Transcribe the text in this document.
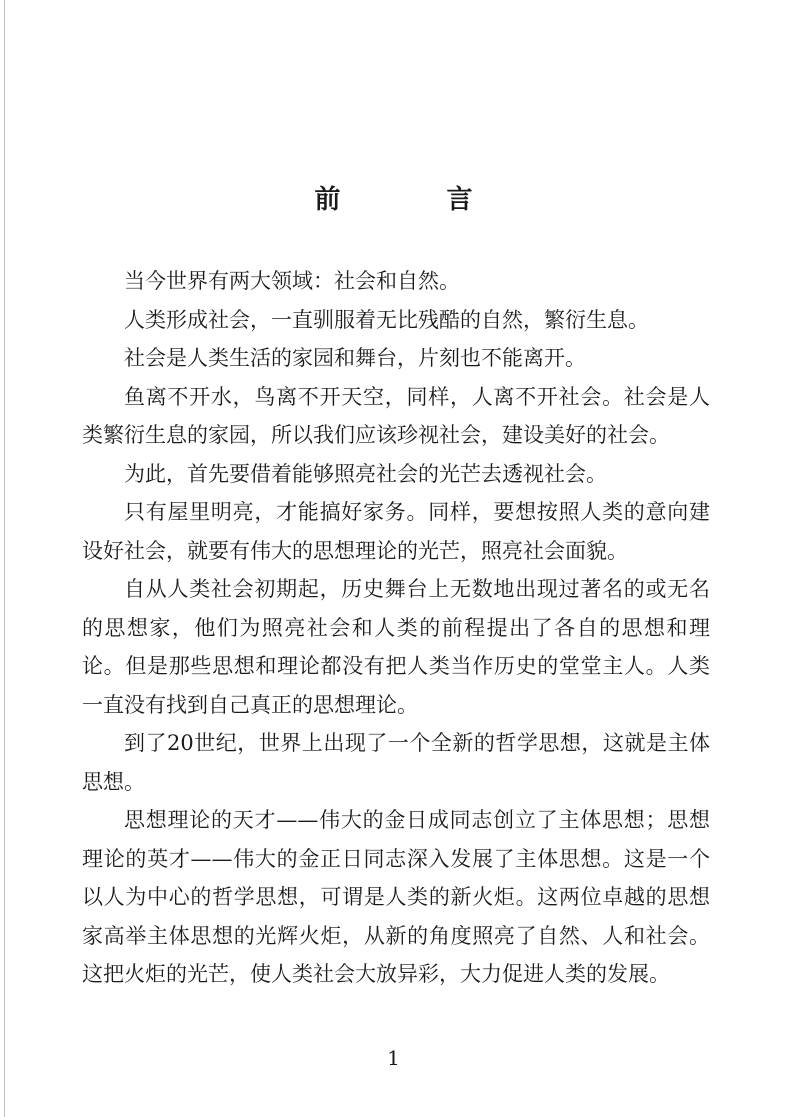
前　言

当今世界有两大领域：社会和自然。

人类形成社会，一直驯服着无比残酷的自然，繁衍生息。

社会是人类生活的家园和舞台，片刻也不能离开。

鱼离不开水，鸟离不开天空，同样，人离不开社会。社会是人类繁衍生息的家园，所以我们应该珍视社会，建设美好的社会。

为此，首先要借着能够照亮社会的光芒去透视社会。

只有屋里明亮，才能搞好家务。同样，要想按照人类的意向建设好社会，就要有伟大的思想理论的光芒，照亮社会面貌。

自从人类社会初期起，历史舞台上无数地出现过著名的或无名的思想家，他们为照亮社会和人类的前程提出了各自的思想和理论。但是那些思想和理论都没有把人类当作历史的堂堂主人。人类一直没有找到自己真正的思想理论。

到了20世纪，世界上出现了一个全新的哲学思想，这就是主体思想。

思想理论的天才——伟大的金日成同志创立了主体思想；思想理论的英才——伟大的金正日同志深入发展了主体思想。这是一个以人为中心的哲学思想，可谓是人类的新火炬。这两位卓越的思想家高举主体思想的光辉火炬，从新的角度照亮了自然、人和社会。这把火炬的光芒，使人类社会大放异彩，大力促进人类的发展。

1
